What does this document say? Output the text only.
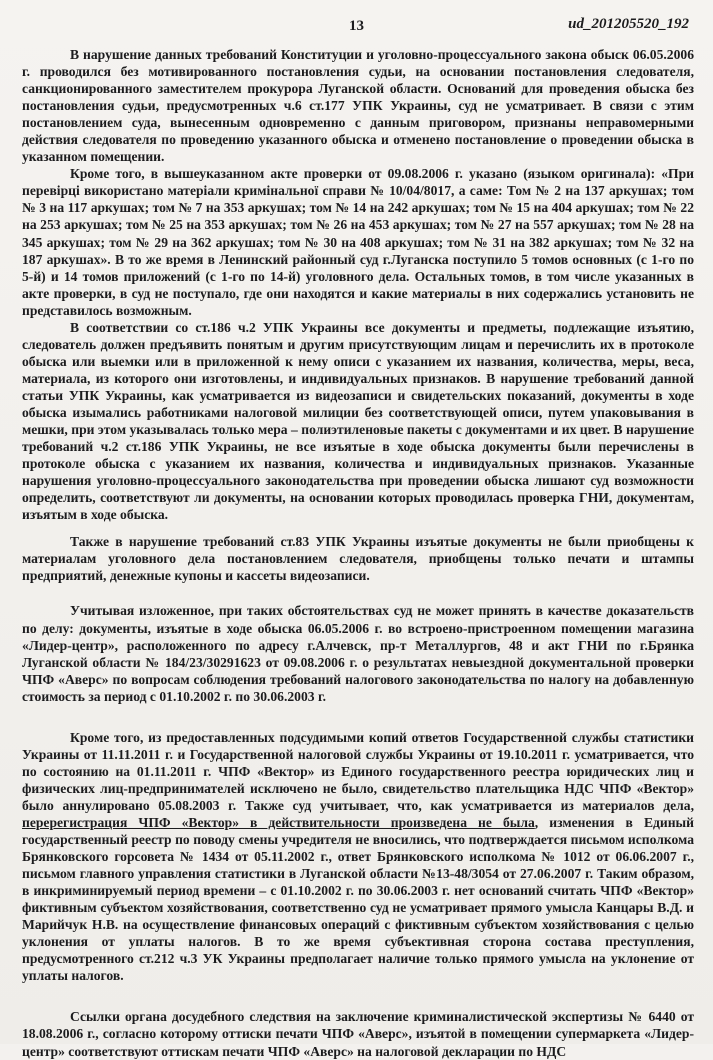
13	ud_201205520_192

В нарушение данных требований Конституции и уголовно-процессуального закона обыск 06.05.2006 г. проводился без мотивированного постановления судьи, на основании постановления следователя, санкционированного заместителем прокурора Луганской области. Оснований для проведения обыска без постановления судьи, предусмотренных ч.6 ст.177 УПК Украины, суд не усматривает. В связи с этим постановлением суда, вынесенным одновременно с данным приговором, признаны неправомерными действия следователя по проведению указанного обыска и отменено постановление о проведении обыска в указанном помещении.

Кроме того, в вышеуказанном акте проверки от 09.08.2006 г. указано (языком оригинала): «При перевірці використано матеріали кримінальної справи № 10/04/8017, а саме: Том № 2 на 137 аркушах; том № 3 на 117 аркушах; том № 7 на 353 аркушах; том № 14 на 242 аркушах; том № 15 на 404 аркушах; том № 22 на 253 аркушах; том № 25 на 353 аркушах; том № 26 на 453 аркушах; том № 27 на 557 аркушах; том № 28 на 345 аркушах; том № 29 на 362 аркушах; том № 30 на 408 аркушах; том № 31 на 382 аркушах; том № 32 на 187 аркушах». В то же время в Ленинский районный суд г.Луганска поступило 5 томов основных (с 1-го по 5-й) и 14 томов приложений (с 1-го по 14-й) уголовного дела. Остальных томов, в том числе указанных в акте проверки, в суд не поступало, где они находятся и какие материалы в них содержались установить не представилось возможным.

В соответствии со ст.186 ч.2 УПК Украины все документы и предметы, подлежащие изъятию, следователь должен предъявить понятым и другим присутствующим лицам и перечислить их в протоколе обыска или выемки или в приложенной к нему описи с указанием их названия, количества, меры, веса, материала, из которого они изготовлены, и индивидуальных признаков. В нарушение требований данной статьи УПК Украины, как усматривается из видеозаписи и свидетельских показаний, документы в ходе обыска изымались работниками налоговой милиции без соответствующей описи, путем упаковывания в мешки, при этом указывалась только мера – полиэтиленовые пакеты с документами и их цвет. В нарушение требований ч.2 ст.186 УПК Украины, не все изъятые в ходе обыска документы были перечислены в протоколе обыска с указанием их названия, количества и индивидуальных признаков. Указанные нарушения уголовно-процессуального законодательства при проведении обыска лишают суд возможности определить, соответствуют ли документы, на основании которых проводилась проверка ГНИ, документам, изъятым в ходе обыска.

Также в нарушение требований ст.83 УПК Украины изъятые документы не были приобщены к материалам уголовного дела постановлением следователя, приобщены только печати и штампы предприятий, денежные купоны и кассеты видеозаписи.

Учитывая изложенное, при таких обстоятельствах суд не может принять в качестве доказательств по делу: документы, изъятые в ходе обыска 06.05.2006 г. во встроено-пристроенном помещении магазина «Лидер-центр», расположенного по адресу г.Алчевск, пр-т Металлургов, 48 и акт ГНИ по г.Брянка Луганской области № 184/23/30291623 от 09.08.2006 г. о результатах невыездной документальной проверки ЧПФ «Аверс» по вопросам соблюдения требований налогового законодательства по налогу на добавленную стоимость за период с 01.10.2002 г. по 30.06.2003 г.

Кроме того, из предоставленных подсудимыми копий ответов Государственной службы статистики Украины от 11.11.2011 г. и Государственной налоговой службы Украины от 19.10.2011 г. усматривается, что по состоянию на 01.11.2011 г. ЧПФ «Вектор» из Единого государственного реестра юридических лиц и физических лиц-предпринимателей исключено не было, свидетельство плательщика НДС ЧПФ «Вектор» было аннулировано 05.08.2003 г. Также суд учитывает, что, как усматривается из материалов дела, перерегистрация ЧПФ «Вектор» в действительности произведена не была, изменения в Единый государственный реестр по поводу смены учредителя не вносились, что подтверждается письмом исполкома Брянковского горсовета № 1434 от 05.11.2002 г., ответ Брянковского исполкома № 1012 от 06.06.2007 г., письмом главного управления статистики в Луганской области №13-48/3054 от 27.06.2007 г. Таким образом, в инкриминируемый период времени – с 01.10.2002 г. по 30.06.2003 г. нет оснований считать ЧПФ «Вектор» фиктивным субъектом хозяйствования, соответственно суд не усматривает прямого умысла Канцары В.Д. и Марийчук Н.В. на осуществление финансовых операций с фиктивным субъектом хозяйствования с целью уклонения от уплаты налогов. В то же время субъективная сторона состава преступления, предусмотренного ст.212 ч.3 УК Украины предполагает наличие только прямого умысла на уклонение от уплаты налогов.

Ссылки органа досудебного следствия на заключение криминалистической экспертизы № 6440 от 18.08.2006 г., согласно которому оттиски печати ЧПФ «Аверс», изъятой в помещении супермаркета «Лидер-центр» соответствуют оттискам печати ЧПФ «Аверс» на налоговой декларации по НДС
